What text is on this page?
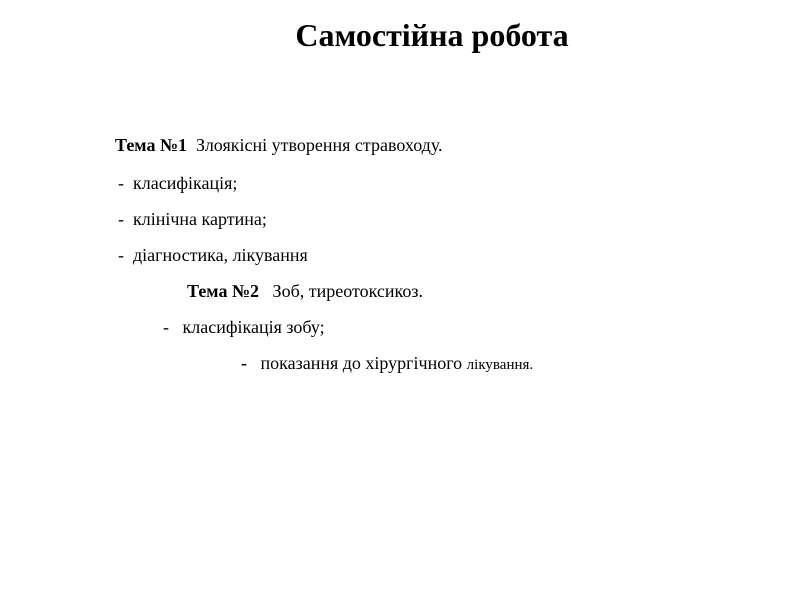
Самостійна робота
Тема №1 Злоякісні утворення стравоходу.
- класифікація;
- клінічна картина;
- діагностика, лікування
Тема №2 Зоб, тиреотоксикоз.
- класифікація зобу;
- показання до хірургічного лікування.
